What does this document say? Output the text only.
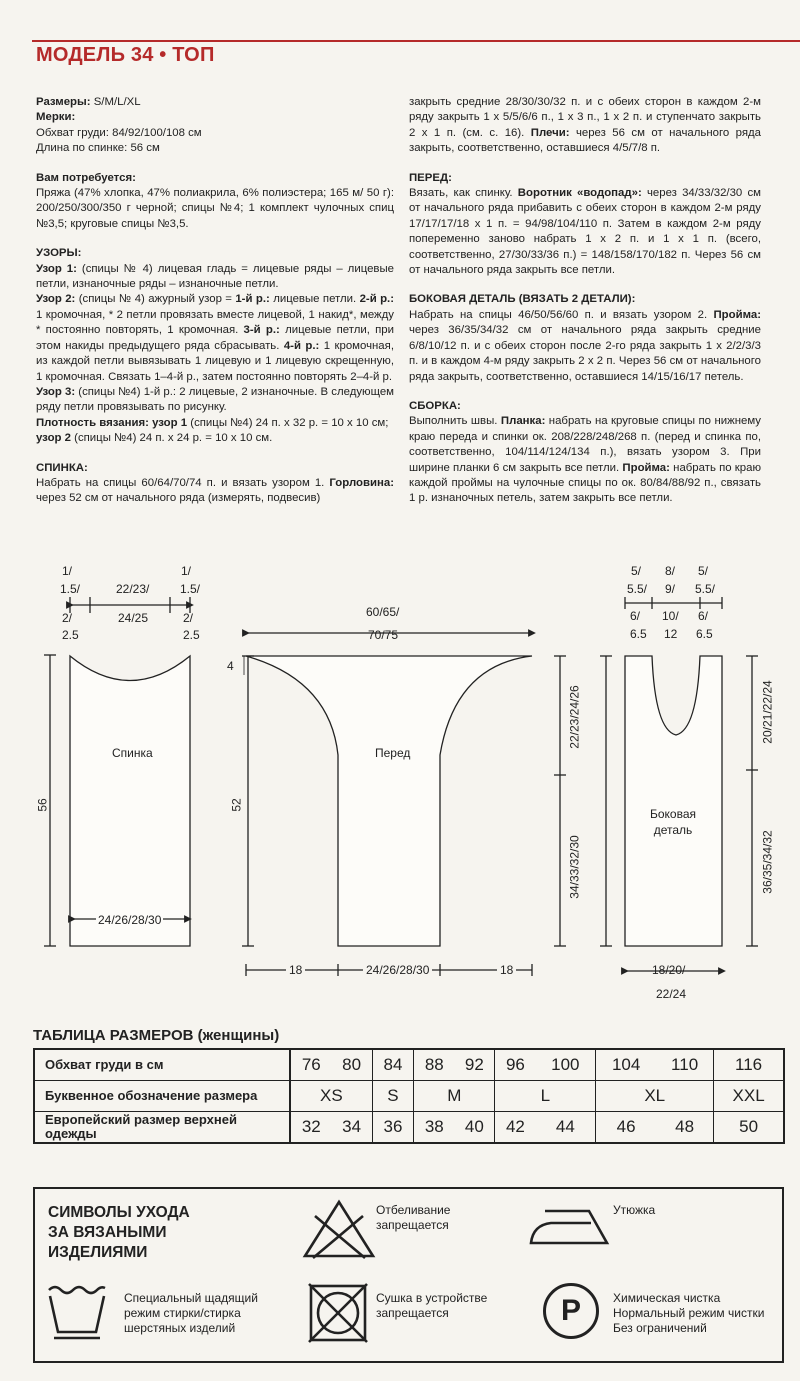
МОДЕЛЬ 34 • ТОП

Размеры: S/M/L/XL

Мерки:

Обхват груди: 84/92/100/108 см

Длина по спинке: 56 см

Вам потребуется:

Пряжа (47% хлопка, 47% полиакрила, 6% полиэстера; 165 м/ 50 г): 200/250/300/350 г черной; спицы №4; 1 комплект чулочных спиц №3,5; круговые спицы №3,5.

УЗОРЫ:

Узор 1: (спицы № 4) лицевая гладь = лицевые ряды – лицевые петли, изнаночные ряды – изнаночные петли.

Узор 2: (спицы № 4) ажурный узор = 1-й р.: лицевые петли. 2-й р.: 1 кромочная, * 2 петли провязать вместе лицевой, 1 накид*, между * постоянно повторять, 1 кромочная. 3-й р.: лицевые петли, при этом накиды предыдущего ряда сбрасывать. 4-й р.: 1 кромочная, из каждой петли вывязывать 1 лицевую и 1 лицевую скрещенную, 1 кромочная. Связать 1–4-й р., затем постоянно повторять 2–4-й р.

Узор 3: (спицы №4) 1-й р.: 2 лицевые, 2 изнаночные. В следующем ряду петли провязывать по рисунку.

Плотность вязания: узор 1 (спицы №4) 24 п. х 32 р. = 10 х 10 см; узор 2 (спицы №4) 24 п. х 24 р. = 10 х 10 см.

СПИНКА:

Набрать на спицы 60/64/70/74 п. и вязать узором 1. Горловина: через 52 см от начального ряда (измерять, подвесив)

закрыть средние 28/30/30/32 п. и с обеих сторон в каждом 2-м ряду закрыть 1 х 5/5/6/6 п., 1 х 3 п., 1 х 2 п. и ступенчато закрыть 2 х 1 п. (см. с. 16). Плечи: через 56 см от начального ряда закрыть, соответственно, оставшиеся 4/5/7/8 п.

ПЕРЕД:

Вязать, как спинку. Воротник «водопад»: через 34/33/32/30 см от начального ряда прибавить с обеих сторон в каждом 2-м ряду 17/17/17/18 х 1 п. = 94/98/104/110 п. Затем в каждом 2-м ряду попеременно заново набрать 1 х 2 п. и 1 х 1 п. (всего, соответственно, 27/30/33/36 п.) = 148/158/170/182 п. Через 56 см от начального ряда закрыть все петли.

БОКОВАЯ ДЕТАЛЬ (ВЯЗАТЬ 2 ДЕТАЛИ):

Набрать на спицы 46/50/56/60 п. и вязать узором 2. Пройма: через 36/35/34/32 см от начального ряда закрыть средние 6/8/10/12 п. и с обеих сторон после 2-го ряда закрыть 1 х 2/2/3/3 п. и в каждом 4-м ряду закрыть 2 х 2 п. Через 56 см от начального ряда закрыть, соответственно, оставшиеся 14/15/16/17 петель.

СБОРКА:

Выполнить швы. Планка: набрать на круговые спицы по нижнему краю переда и спинки ок. 208/228/248/268 п. (перед и спинка по, соответственно, 104/114/124/134 п.), вязать узором 3. При ширине планки 6 см закрыть все петли. Пройма: набрать по краю каждой проймы на чулочные спицы по ок. 80/84/88/92 п., связать 1 р. изнаночных петель, затем закрыть все петли.

1/
1.5/	22/23/
24/25
1/
1.5/
2/
2.5
2/
2.5
Спинка
56
24/26/28/30
60/65/
70/75
4
52
Перед
22/23/24/26
34/33/32/30
18	24/26/28/30	18
5/
5.5/
8/
9/
5/
5.5/
6/
6.5
10/
12
6/
6.5
Боковая
деталь
20/21/22/24
36/35/34/32
18/20/
22/24
ТАБЛИЦА РАЗМЕРОВ (женщины)
Обхват груди в см	76	80	84	88	92	96	100	104	110	116
Буквенное обозначение размера	XS		S	M		L		XL		XXL
Европейский размер верхней одежды	32	34	36	38	40	42	44	46	48	50
СИМВОЛЫ УХОДА
ЗА ВЯЗАНЫМИ
ИЗДЕЛИЯМИ
Отбеливание
запрещается
Утюжка
Специальный щадящий
режим стирки/стирка
шерстяных изделий
Сушка в устройстве
запрещается	P	Химическая чистка
Нормальный режим чистки
Без ограничений
